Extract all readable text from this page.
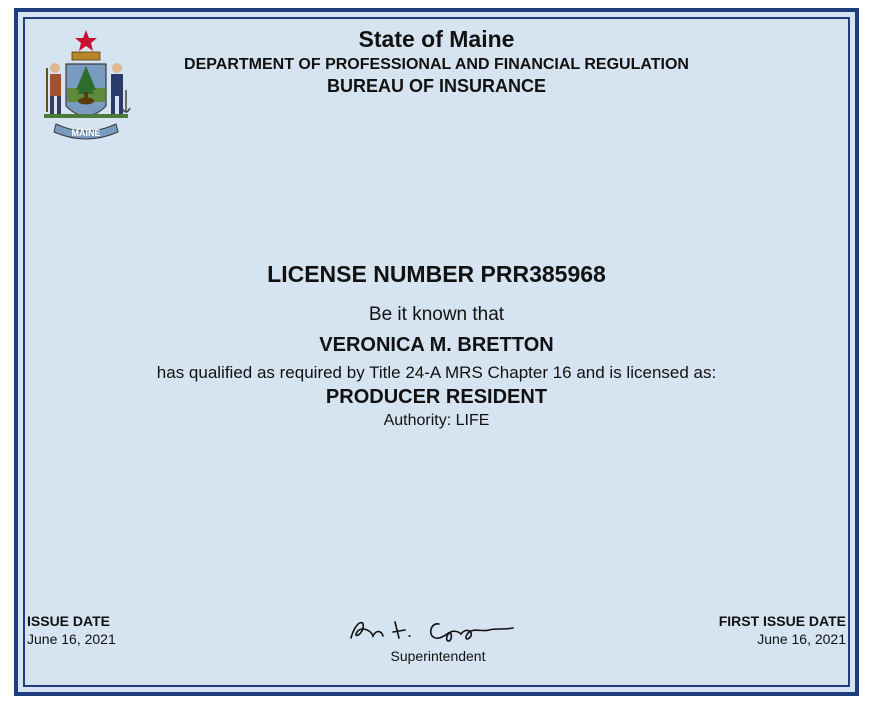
MAINE
State of Maine
DEPARTMENT OF PROFESSIONAL AND FINANCIAL REGULATION
BUREAU OF INSURANCE
LICENSE NUMBER PRR385968
Be it known that
VERONICA M. BRETTON
has qualified as required by Title 24-A MRS Chapter 16 and is licensed as:
PRODUCER RESIDENT
Authority: LIFE
ISSUE DATE
June 16, 2021
Superintendent
FIRST ISSUE DATE
June 16, 2021
